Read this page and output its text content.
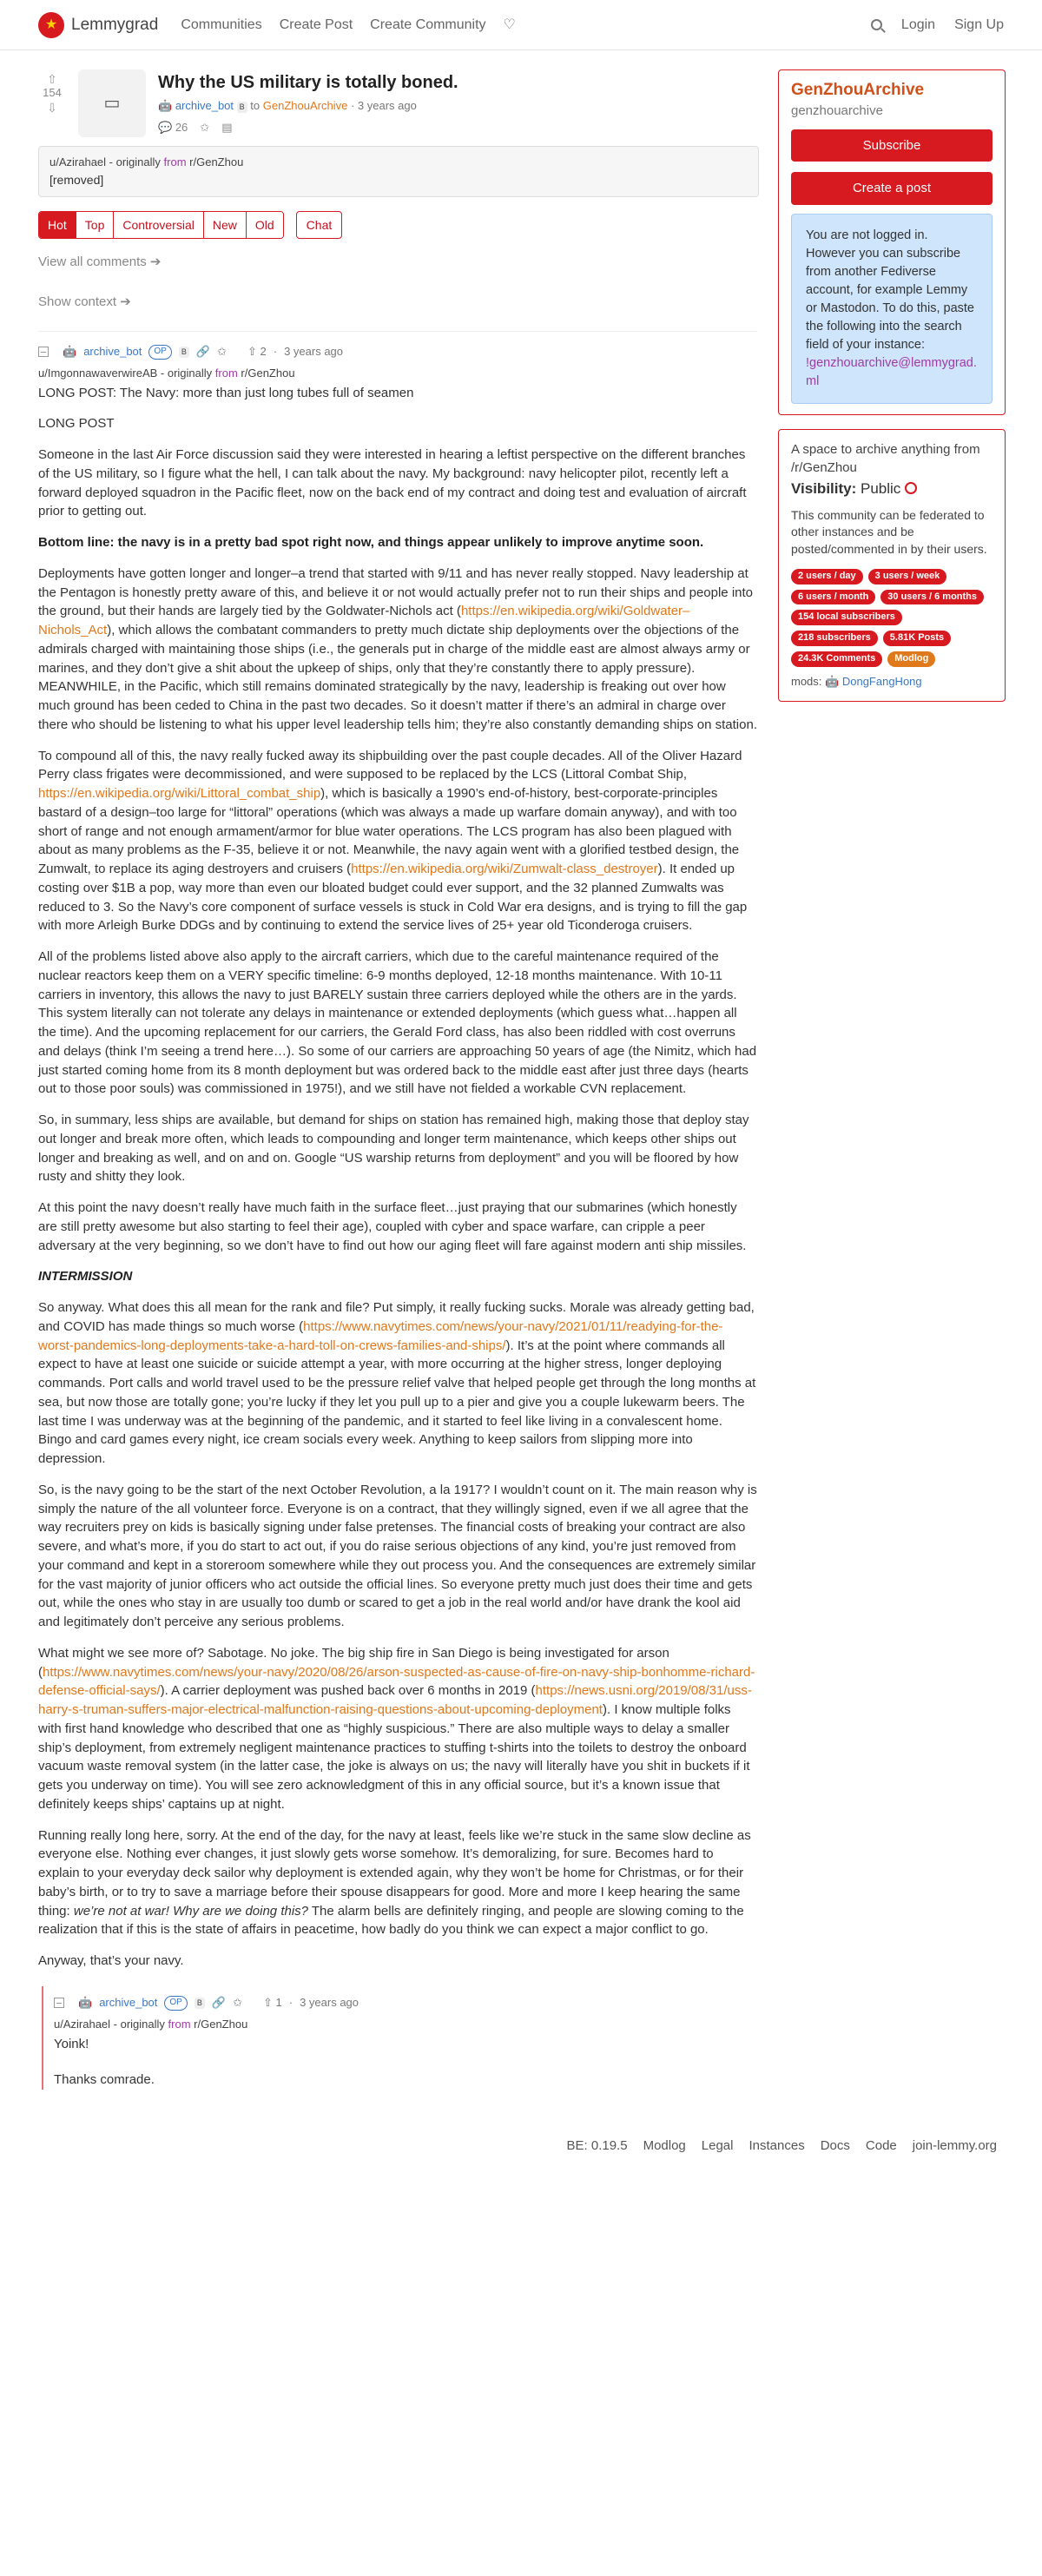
★ Lemmygrad Communities Create Post Create Community ♡	Login Sign Up
⇧
154
⇩	▭
Why the US military is totally boned.
🤖 archive_bot B to GenZhouArchive · 3 years ago
💬 26 ✩ ▤
u/Azirahael - originally from r/GenZhou
[removed]
Hot	Top	Controversial	New	Old	Chat
View all comments ➔
Show context ➔
🤖 archive_bot	OP	B 🔗 ✩ ⇧ 2 · 3 years ago
u/ImgonnawaverwireAB - originally from r/GenZhou

LONG POST: The Navy: more than just long tubes full of seamen

LONG POST

Someone in the last Air Force discussion said they were interested in hearing a leftist perspective on the different branches of the US military, so I figure what the hell, I can talk about the navy. My background: navy helicopter pilot, recently left a forward deployed squadron in the Pacific fleet, now on the back end of my contract and doing test and evaluation of aircraft prior to getting out.

Bottom line: the navy is in a pretty bad spot right now, and things appear unlikely to improve anytime soon.

Deployments have gotten longer and longer–a trend that started with 9/11 and has never really stopped. Navy leadership at the Pentagon is honestly pretty aware of this, and believe it or not would actually prefer not to run their ships and people into the ground, but their hands are largely tied by the Goldwater-Nichols act (https://en.wikipedia.org/wiki/Goldwater–Nichols_Act), which allows the combatant commanders to pretty much dictate ship deployments over the objections of the admirals charged with maintaining those ships (i.e., the generals put in charge of the middle east are almost always army or marines, and they don’t give a shit about the upkeep of ships, only that they’re constantly there to apply pressure). MEANWHILE, in the Pacific, which still remains dominated strategically by the navy, leadership is freaking out over how much ground has been ceded to China in the past two decades. So it doesn’t matter if there’s an admiral in charge over there who should be listening to what his upper level leadership tells him; they’re also constantly demanding ships on station.

To compound all of this, the navy really fucked away its shipbuilding over the past couple decades. All of the Oliver Hazard Perry class frigates were decommissioned, and were supposed to be replaced by the LCS (Littoral Combat Ship, https://en.wikipedia.org/wiki/Littoral_combat_ship), which is basically a 1990’s end-of-history, best-corporate-principles bastard of a design–too large for “littoral” operations (which was always a made up warfare domain anyway), and with too short of range and not enough armament/armor for blue water operations. The LCS program has also been plagued with about as many problems as the F-35, believe it or not. Meanwhile, the navy again went with a glorified testbed design, the Zumwalt, to replace its aging destroyers and cruisers (https://en.wikipedia.org/wiki/Zumwalt-class_destroyer). It ended up costing over $1B a pop, way more than even our bloated budget could ever support, and the 32 planned Zumwalts was reduced to 3. So the Navy’s core component of surface vessels is stuck in Cold War era designs, and is trying to fill the gap with more Arleigh Burke DDGs and by continuing to extend the service lives of 25+ year old Ticonderoga cruisers.

All of the problems listed above also apply to the aircraft carriers, which due to the careful maintenance required of the nuclear reactors keep them on a VERY specific timeline: 6-9 months deployed, 12-18 months maintenance. With 10-11 carriers in inventory, this allows the navy to just BARELY sustain three carriers deployed while the others are in the yards. This system literally can not tolerate any delays in maintenance or extended deployments (which guess what…happen all the time). And the upcoming replacement for our carriers, the Gerald Ford class, has also been riddled with cost overruns and delays (think I’m seeing a trend here…). So some of our carriers are approaching 50 years of age (the Nimitz, which had just started coming home from its 8 month deployment but was ordered back to the middle east after just three days (hearts out to those poor souls) was commissioned in 1975!), and we still have not fielded a workable CVN replacement.

So, in summary, less ships are available, but demand for ships on station has remained high, making those that deploy stay out longer and break more often, which leads to compounding and longer term maintenance, which keeps other ships out longer and breaking as well, and on and on. Google “US warship returns from deployment” and you will be floored by how rusty and shitty they look.

At this point the navy doesn’t really have much faith in the surface fleet…just praying that our submarines (which honestly are still pretty awesome but also starting to feel their age), coupled with cyber and space warfare, can cripple a peer adversary at the very beginning, so we don’t have to find out how our aging fleet will fare against modern anti ship missiles.

INTERMISSION

So anyway. What does this all mean for the rank and file? Put simply, it really fucking sucks. Morale was already getting bad, and COVID has made things so much worse (https://www.navytimes.com/news/your-navy/2021/01/11/readying-for-the-worst-pandemics-long-deployments-take-a-hard-toll-on-crews-families-and-ships/). It’s at the point where commands all expect to have at least one suicide or suicide attempt a year, with more occurring at the higher stress, longer deploying commands. Port calls and world travel used to be the pressure relief valve that helped people get through the long months at sea, but now those are totally gone; you’re lucky if they let you pull up to a pier and give you a couple lukewarm beers. The last time I was underway was at the beginning of the pandemic, and it started to feel like living in a convalescent home. Bingo and card games every night, ice cream socials every week. Anything to keep sailors from slipping more into depression.

So, is the navy going to be the start of the next October Revolution, a la 1917? I wouldn’t count on it. The main reason why is simply the nature of the all volunteer force. Everyone is on a contract, that they willingly signed, even if we all agree that the way recruiters prey on kids is basically signing under false pretenses. The financial costs of breaking your contract are also severe, and what’s more, if you do start to act out, if you do raise serious objections of any kind, you’re just removed from your command and kept in a storeroom somewhere while they out process you. And the consequences are extremely similar for the vast majority of junior officers who act outside the official lines. So everyone pretty much just does their time and gets out, while the ones who stay in are usually too dumb or scared to get a job in the real world and/or have drank the kool aid and legitimately don’t perceive any serious problems.

What might we see more of? Sabotage. No joke. The big ship fire in San Diego is being investigated for arson (https://www.navytimes.com/news/your-navy/2020/08/26/arson-suspected-as-cause-of-fire-on-navy-ship-bonhomme-richard-defense-official-says/). A carrier deployment was pushed back over 6 months in 2019 (https://news.usni.org/2019/08/31/uss-harry-s-truman-suffers-major-electrical-malfunction-raising-questions-about-upcoming-deployment). I know multiple folks with first hand knowledge who described that one as “highly suspicious.” There are also multiple ways to delay a smaller ship’s deployment, from extremely negligent maintenance practices to stuffing t-shirts into the toilets to destroy the onboard vacuum waste removal system (in the latter case, the joke is always on us; the navy will literally have you shit in buckets if it gets you underway on time). You will see zero acknowledgment of this in any official source, but it’s a known issue that definitely keeps ships’ captains up at night.

Running really long here, sorry. At the end of the day, for the navy at least, feels like we’re stuck in the same slow decline as everyone else. Nothing ever changes, it just slowly gets worse somehow. It’s demoralizing, for sure. Becomes hard to explain to your everyday deck sailor why deployment is extended again, why they won’t be home for Christmas, or for their baby’s birth, or to try to save a marriage before their spouse disappears for good. More and more I keep hearing the same thing: we’re not at war! Why are we doing this? The alarm bells are definitely ringing, and people are slowing coming to the realization that if this is the state of affairs in peacetime, how badly do you think we can expect a major conflict to go.

Anyway, that’s your navy.

🤖 archive_bot	OP	B 🔗 ✩ ⇧ 1 · 3 years ago
u/Azirahael - originally from r/GenZhou

Yoink!

Thanks comrade.

GenZhouArchive
genzhouarchive
Subscribe
Create a post
You are not logged in. However you can subscribe from another Fediverse account, for example Lemmy or Mastodon. To do this, paste the following into the search field of your instance:
!genzhouarchive@lemmygrad.ml
A space to archive anything from /r/GenZhou
Visibility: Public
This community can be federated to other instances and be posted/commented in by their users.
2 users / day	3 users / week
6 users / month	30 users / 6 months
154 local subscribers
218 subscribers	5.81K Posts
24.3K Comments	Modlog
mods: 🤖 DongFangHong
BE: 0.19.5 Modlog Legal Instances Docs Code join-lemmy.org
